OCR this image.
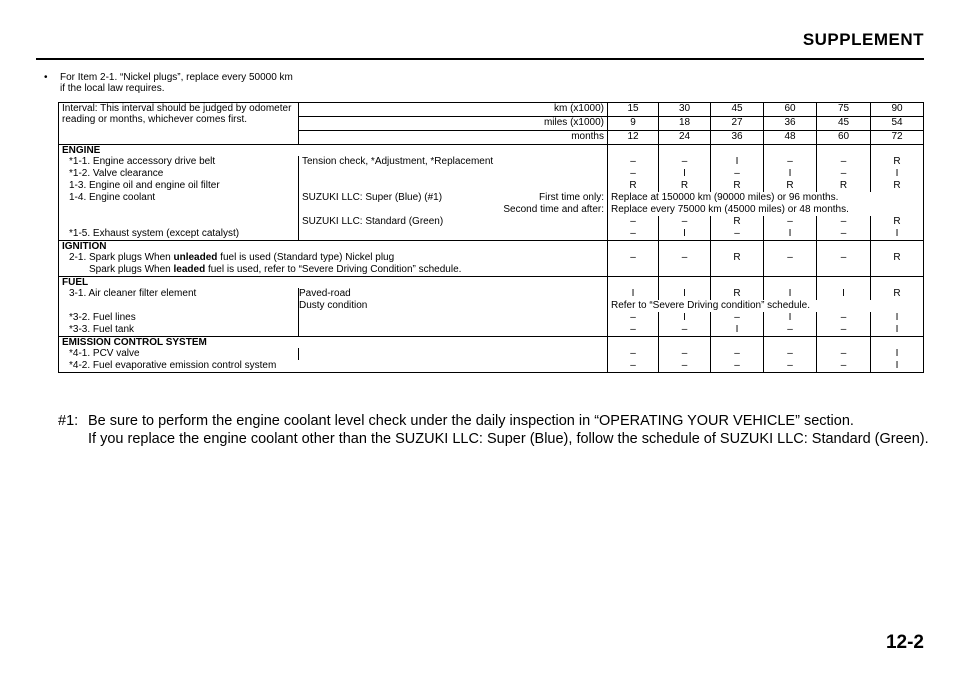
SUPPLEMENT
• For Item 2-1. “Nickel plugs”, replace every 50000 km
if the local law requires.
Interval: This interval should be judged by odometer reading or months, whichever comes first.	km (x1000)	15	30	45	60	75	90
	miles (x1000)	9	18	27	36	45	54
	months	12	24	36	48	60	72
ENGINE							
*1-1. Engine accessory drive belt	Tension check, *Adjustment, *Replacement	–	–	I	–	–	R
*1-2. Valve clearance		–	I	–	I	–	I
1-3. Engine oil and engine oil filter		R	R	R	R	R	R
1-4. Engine coolant	SUZUKI LLC: Super (Blue) (#1) First time only:	Replace at 150000 km (90000 miles) or 96 months.					
	Second time and after:	Replace every 75000 km (45000 miles) or 48 months.					
	SUZUKI LLC: Standard (Green)	–	–	R	–	–	R
*1-5. Exhaust system (except catalyst)		–	I	–	I	–	I
IGNITION							
2-1. Spark plugs When unleaded fuel is used (Standard type) Nickel plug		–	–	R	–	–	R
Spark plugs When leaded fuel is used, refer to “Severe Driving Condition” schedule.							
FUEL							
3-1. Air cleaner filter element	Paved-road	I	I	R	I	I	R
	Dusty condition	Refer to “Severe Driving condition” schedule.					
*3-2. Fuel lines		–	I	–	I	–	I
*3-3. Fuel tank		–	–	I	–	–	I
EMISSION CONTROL SYSTEM							
*4-1. PCV valve		–	–	–	–	–	I
*4-2. Fuel evaporative emission control system		–	–	–	–	–	I
#1: Be sure to perform the engine coolant level check under the daily inspection in “OPERATING YOUR VEHICLE” section.
If you replace the engine coolant other than the SUZUKI LLC: Super (Blue), follow the schedule of SUZUKI LLC: Standard (Green).
12-2
